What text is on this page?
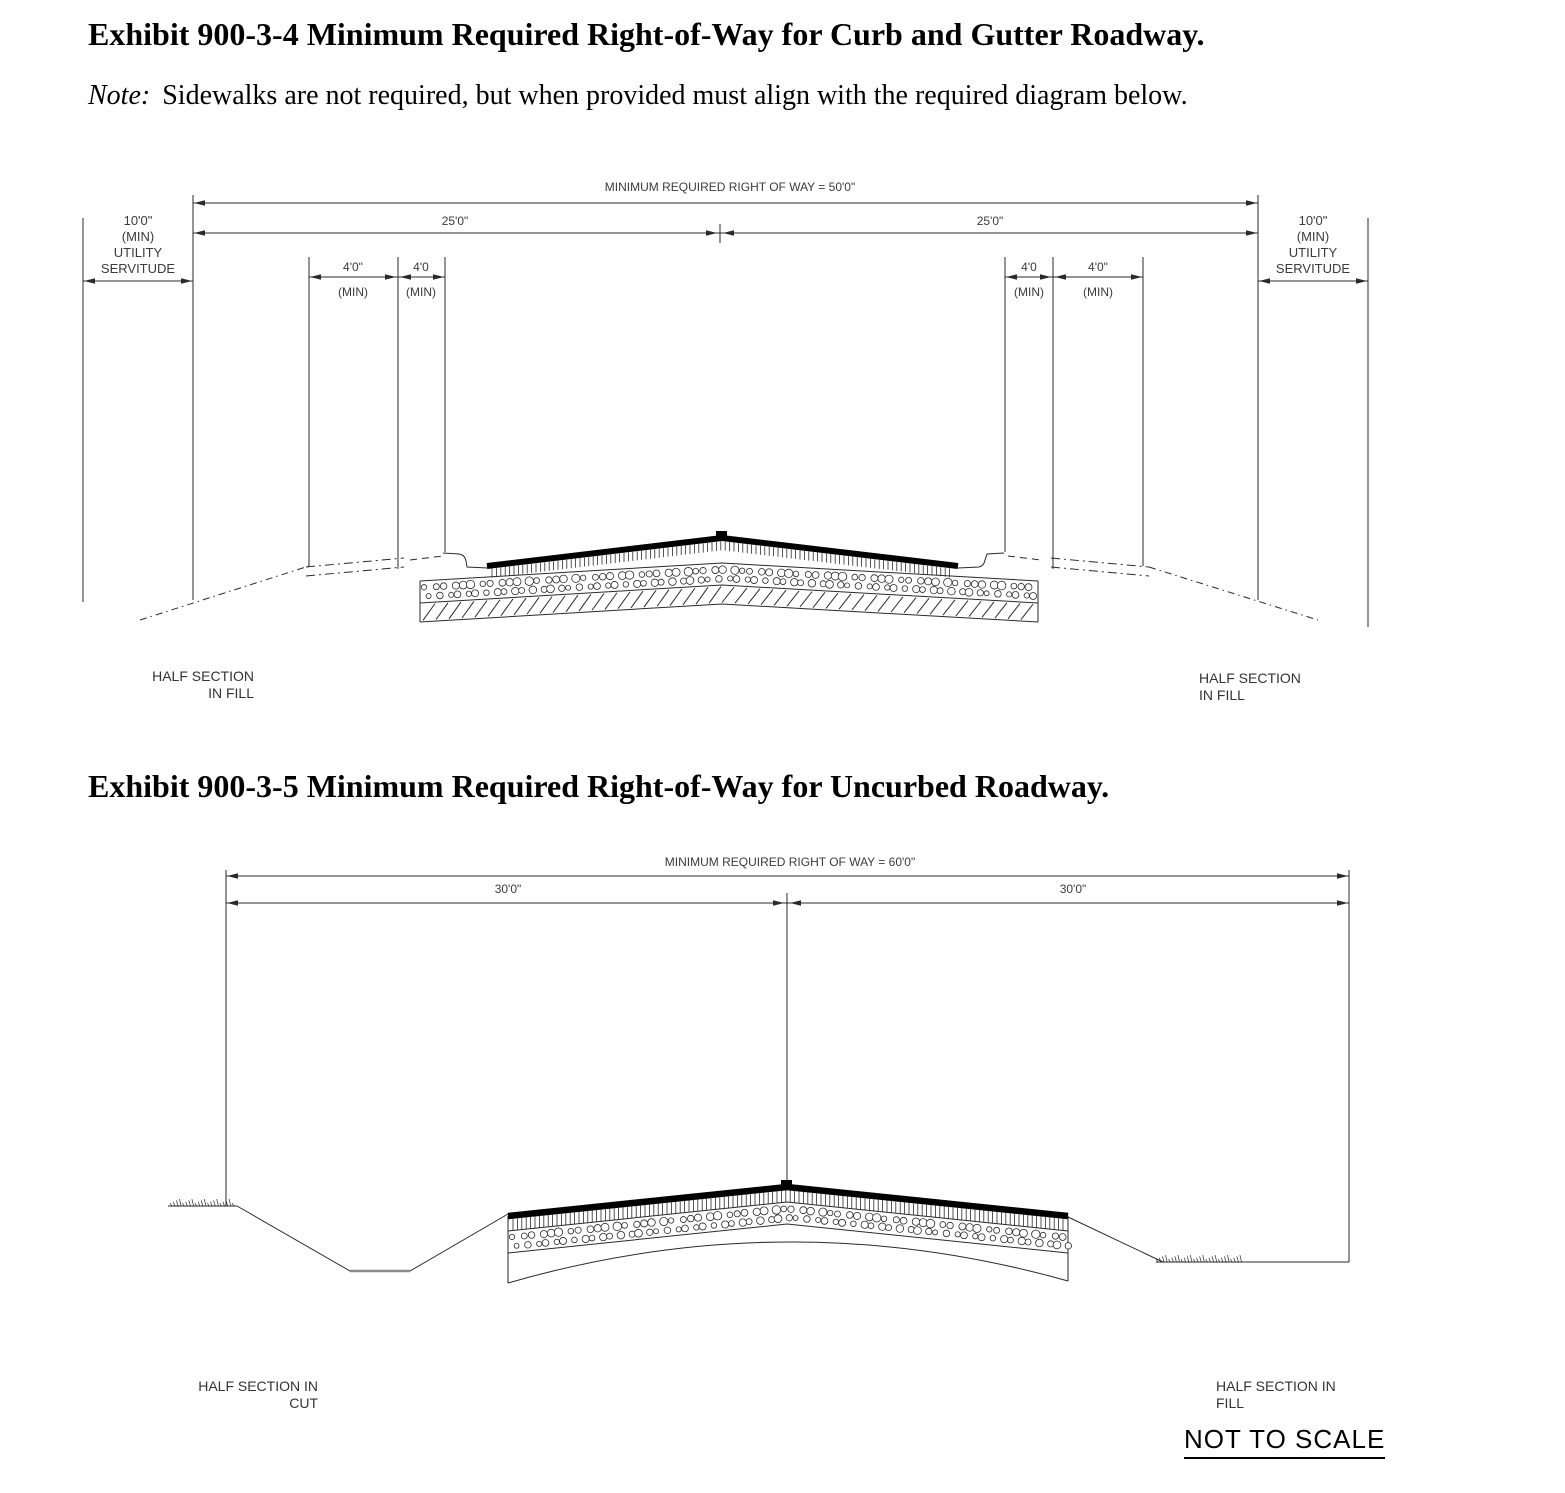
Exhibit 900-3-4 Minimum Required Right-of-Way for Curb and Gutter Roadway.

Note: Sidewalks are not required, but when provided must align with the required diagram below.

Exhibit 900-3-5 Minimum Required Right-of-Way for Uncurbed Roadway.
MINIMUM REQUIRED RIGHT OF WAY = 50'0"
25'0"	25'0"
4'0"
(MIN)
4'0
(MIN)
4'0
(MIN)
4'0"
(MIN)
10'0"
(MIN)
UTILITY
SERVITUDE
10'0"
(MIN)
UTILITY
SERVITUDE
HALF SECTION
IN FILL
HALF SECTION
IN FILL
MINIMUM REQUIRED RIGHT OF WAY = 60'0"
30'0"	30'0"
HALF SECTION IN
CUT
HALF SECTION IN
FILL
NOT TO SCALE
